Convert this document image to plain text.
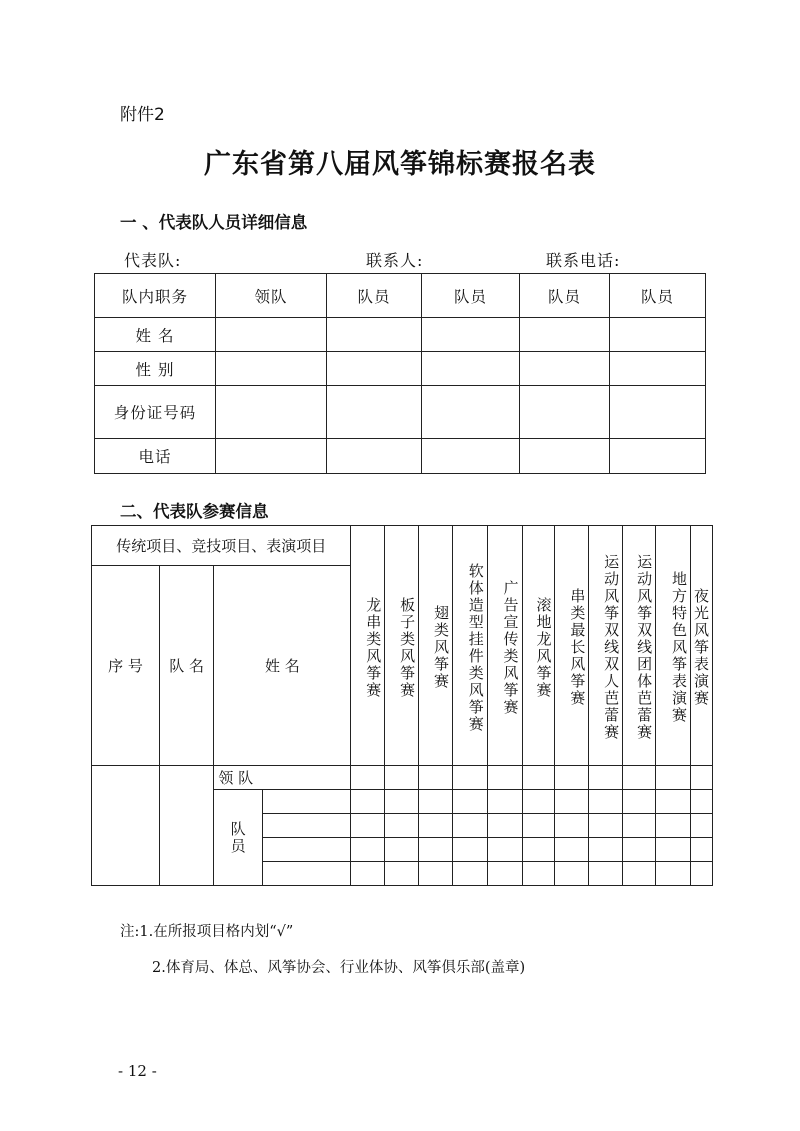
附件2
广东省第八届风筝锦标赛报名表
一 、代表队人员详细信息
代表队:	联系人:	联系电话:
队内职务	领队	队员	队员	队员	队员
姓 名					
性 别					
身份证号码					
电话					
二、代表队参赛信息
传统项目、竞技项目、表演项目				龙串类风筝赛	板子类风筝赛	翅类风筝赛	软体造型挂件类风筝赛	广告宣传类风筝赛	滚地龙风筝赛	串类最长风筝赛	运动风筝双线双人芭蕾赛	运动风筝双线团体芭蕾赛	地方特色风筝表演赛	夜光风筝表演赛
序 号	队 名	姓 名												
		领 队												
		队员												

注:1.在所报项目格内划“√”
2.体育局、体总、风筝协会、行业体协、风筝俱乐部(盖章)
- 12 -
